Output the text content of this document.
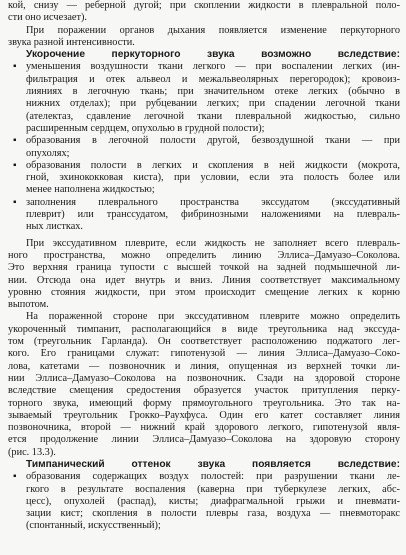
кой, снизу — реберной дугой; при скоплении жидкости в плевральной поло-
сти оно исчезает).
При поражении органов дыхания появляется изменение перкуторного
звука разной интенсивности.
Укорочение перкуторного звука возможно вследствие:
▪ уменьшения воздушности ткани легкого — при воспалении легких (ин-
фильтрация и отек альвеол и межальвеолярных перегородок); кровоиз-
лияниях в легочную ткань; при значительном отеке легких (обычно в
нижних отделах); при рубцевании легких; при спадении легочной ткани
(ателектаз, сдавление легочной ткани плевральной жидкостью, сильно
расширенным сердцем, опухолью в грудной полости);
▪ образования в легочной полости другой, безвоздушной ткани — при
опухолях;
▪ образования полости в легких и скопления в ней жидкости (мокрота,
гной, эхинококковая киста), при условии, если эта полость более или
менее наполнена жидкостью;
▪ заполнения плеврального пространства экссудатом (экссудативный
плеврит) или транссудатом, фибринозными наложениями на плевраль-
ных листках.
При экссудативном плеврите, если жидкость не заполняет всего плевраль-
ного пространства, можно определить линию Эллиса–Дамуазо–Соколова.
Это верхняя граница тупости с высшей точкой на задней подмышечной ли-
нии. Отсюда она идет внутрь и вниз. Линия соответствует максимальному
уровню стояния жидкости, при этом происходит смещение легких к корню
выпотом.
На пораженной стороне при экссудативном плеврите можно определить
укороченный тимпанит, располагающийся в виде треугольника над экссуда-
том (треугольник Гарланда). Он соответствует расположению поджатого лег-
кого. Его границами служат: гипотенузой — линия Эллиса–Дамуазо–Соко-
лова, катетами — позвоночник и линия, опущенная из верхней точки ли-
нии Эллиса–Дамуазо–Соколова на позвоночник. Сзади на здоровой стороне
вследствие смещения средостения образуется участок притупления перку-
торного звука, имеющий форму прямоугольного треугольника. Это так на-
зываемый треугольник Грокко–Раухфуса. Один его катет составляет линия
позвоночника, второй — нижний край здорового легкого, гипотенузой явля-
ется продолжение линии Эллиса–Дамуазо–Соколова на здоровую сторону
(рис. 13.3).
Тимпанический оттенок звука появляется вследствие:
▪ образования содержащих воздух полостей: при разрушении ткани ле-
гкого в результате воспаления (каверна при туберкулезе легких, абс-
цесс), опухолей (распад), кисты; диафрагмальной грыжи и пневмати-
зации кист; скопления в полости плевры газа, воздуха — пневмоторакс
(спонтанный, искусственный);
